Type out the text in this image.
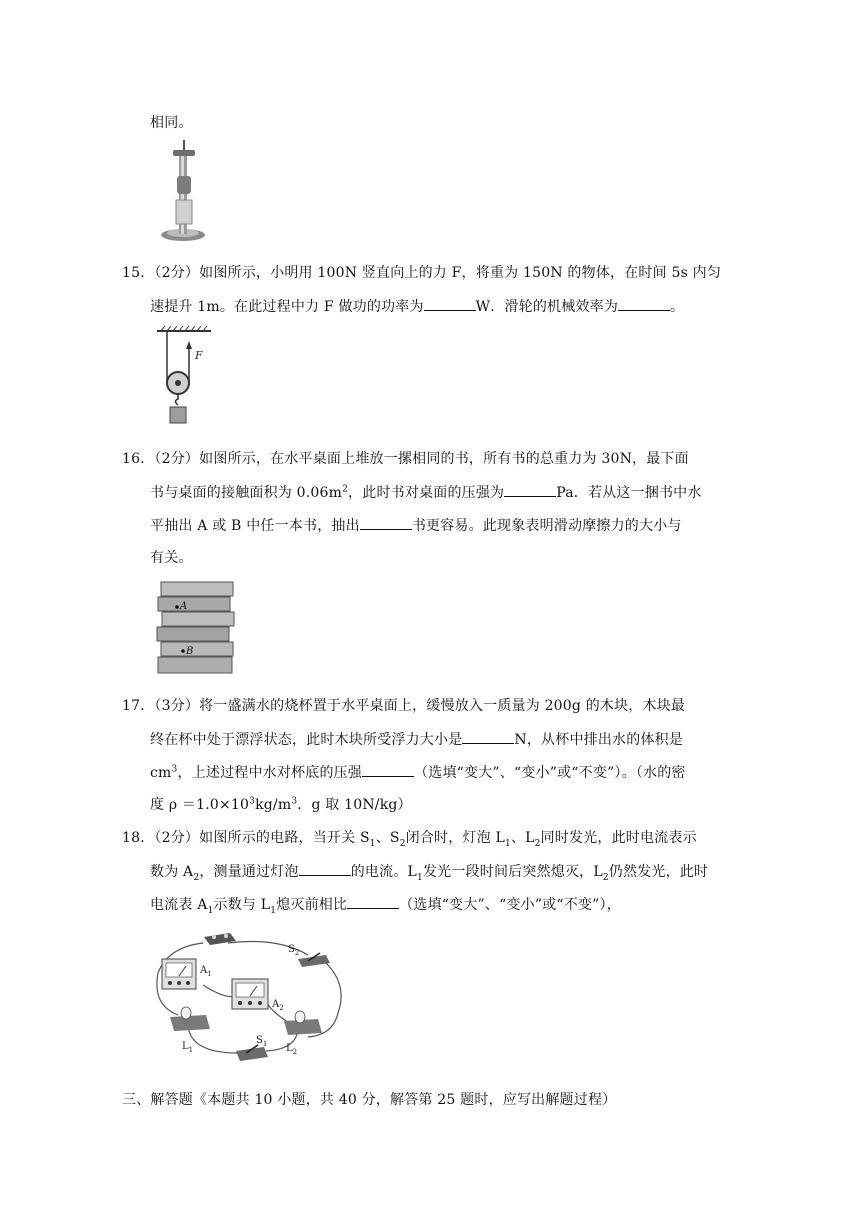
相同。
15．（2分）如图所示，小明用 100N 竖直向上的力 F，将重为 150N 的物体，在时间 5s 内匀
速提升 1m。在此过程中力 F 做功的功率为	W．滑轮的机械效率为	。
F
16．（2分）如图所示，在水平桌面上堆放一摞相同的书，所有书的总重力为 30N，最下面
书与桌面的接触面积为 $0.06m^2$，此时书对桌面的压强为	Pa．若从这一捆书中水
平抽出 A 或 B 中任一本书，抽出	书更容易。此现象表明滑动摩擦力的大小与
有关。
A
B
17．（3分）将一盛满水的烧杯置于水平桌面上，缓慢放入一质量为 200g 的木块，木块最
终在杯中处于漂浮状态，此时木块所受浮力大小是	N，从杯中排出水的体积是
$cm^3$，上述过程中水对杯底的压强	（选填“变大”、“变小”或“不变”）。（水的密
度 $\rho =1.0\times 10^3kg/m^3$．g 取 10N/kg）
18．（2分）如图所示的电路，当开关 $S_1$、$S_2$闭合时，灯泡 $L_1$、$L_2$同时发光，此时电流表示
数为 $A_2$，测量通过灯泡	的电流。$L_1$发光一段时间后突然熄灭，$L_2$仍然发光，此时
电流表 $A_1$示数与 $L_1$熄灭前相比	（选填“变大”、“变小”或“不变”），
$S_2$
$A_1$
$A_2$
$L_1$	$L_2$
$S_1$
三、解答题《本题共 10 小题，共 40 分，解答第 25 题时，应写出解题过程）
